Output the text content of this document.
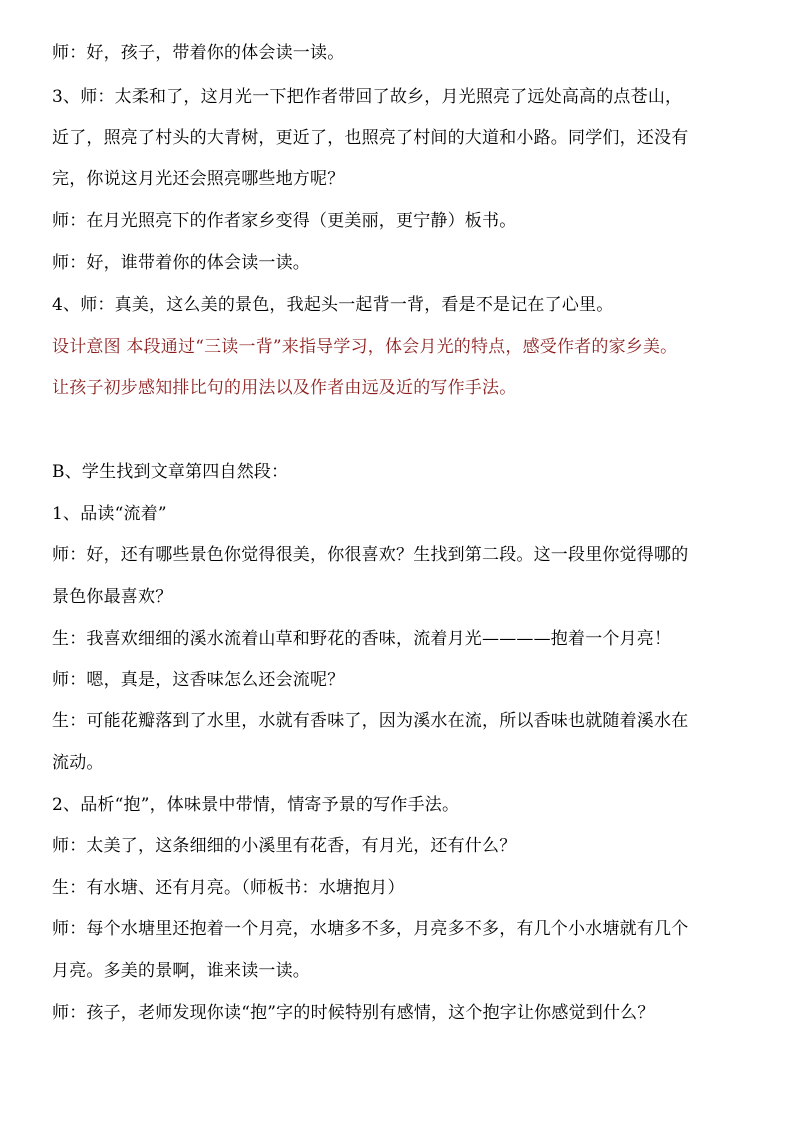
师：好，孩子，带着你的体会读一读。
3、师：太柔和了，这月光一下把作者带回了故乡，月光照亮了远处高高的点苍山，
近了，照亮了村头的大青树，更近了，也照亮了村间的大道和小路。同学们，还没有
完，你说这月光还会照亮哪些地方呢？
师：在月光照亮下的作者家乡变得（更美丽，更宁静）板书。
师：好，谁带着你的体会读一读。
4、师：真美，这么美的景色，我起头一起背一背，看是不是记在了心里。
设计意图 本段通过“三读一背”来指导学习，体会月光的特点，感受作者的家乡美。
让孩子初步感知排比句的用法以及作者由远及近的写作手法。
B、学生找到文章第四自然段：
1、品读“流着”
师：好，还有哪些景色你觉得很美，你很喜欢？生找到第二段。这一段里你觉得哪的
景色你最喜欢？
生：我喜欢细细的溪水流着山草和野花的香味，流着月光————抱着一个月亮！
师：嗯，真是，这香味怎么还会流呢？
生：可能花瓣落到了水里，水就有香味了，因为溪水在流，所以香味也就随着溪水在
流动。
2、品析“抱”，体味景中带情，情寄予景的写作手法。
师：太美了，这条细细的小溪里有花香，有月光，还有什么？
生：有水塘、还有月亮。（师板书：水塘抱月）
师：每个水塘里还抱着一个月亮，水塘多不多，月亮多不多，有几个小水塘就有几个
月亮。多美的景啊，谁来读一读。
师：孩子，老师发现你读“抱”字的时候特别有感情，这个抱字让你感觉到什么？
